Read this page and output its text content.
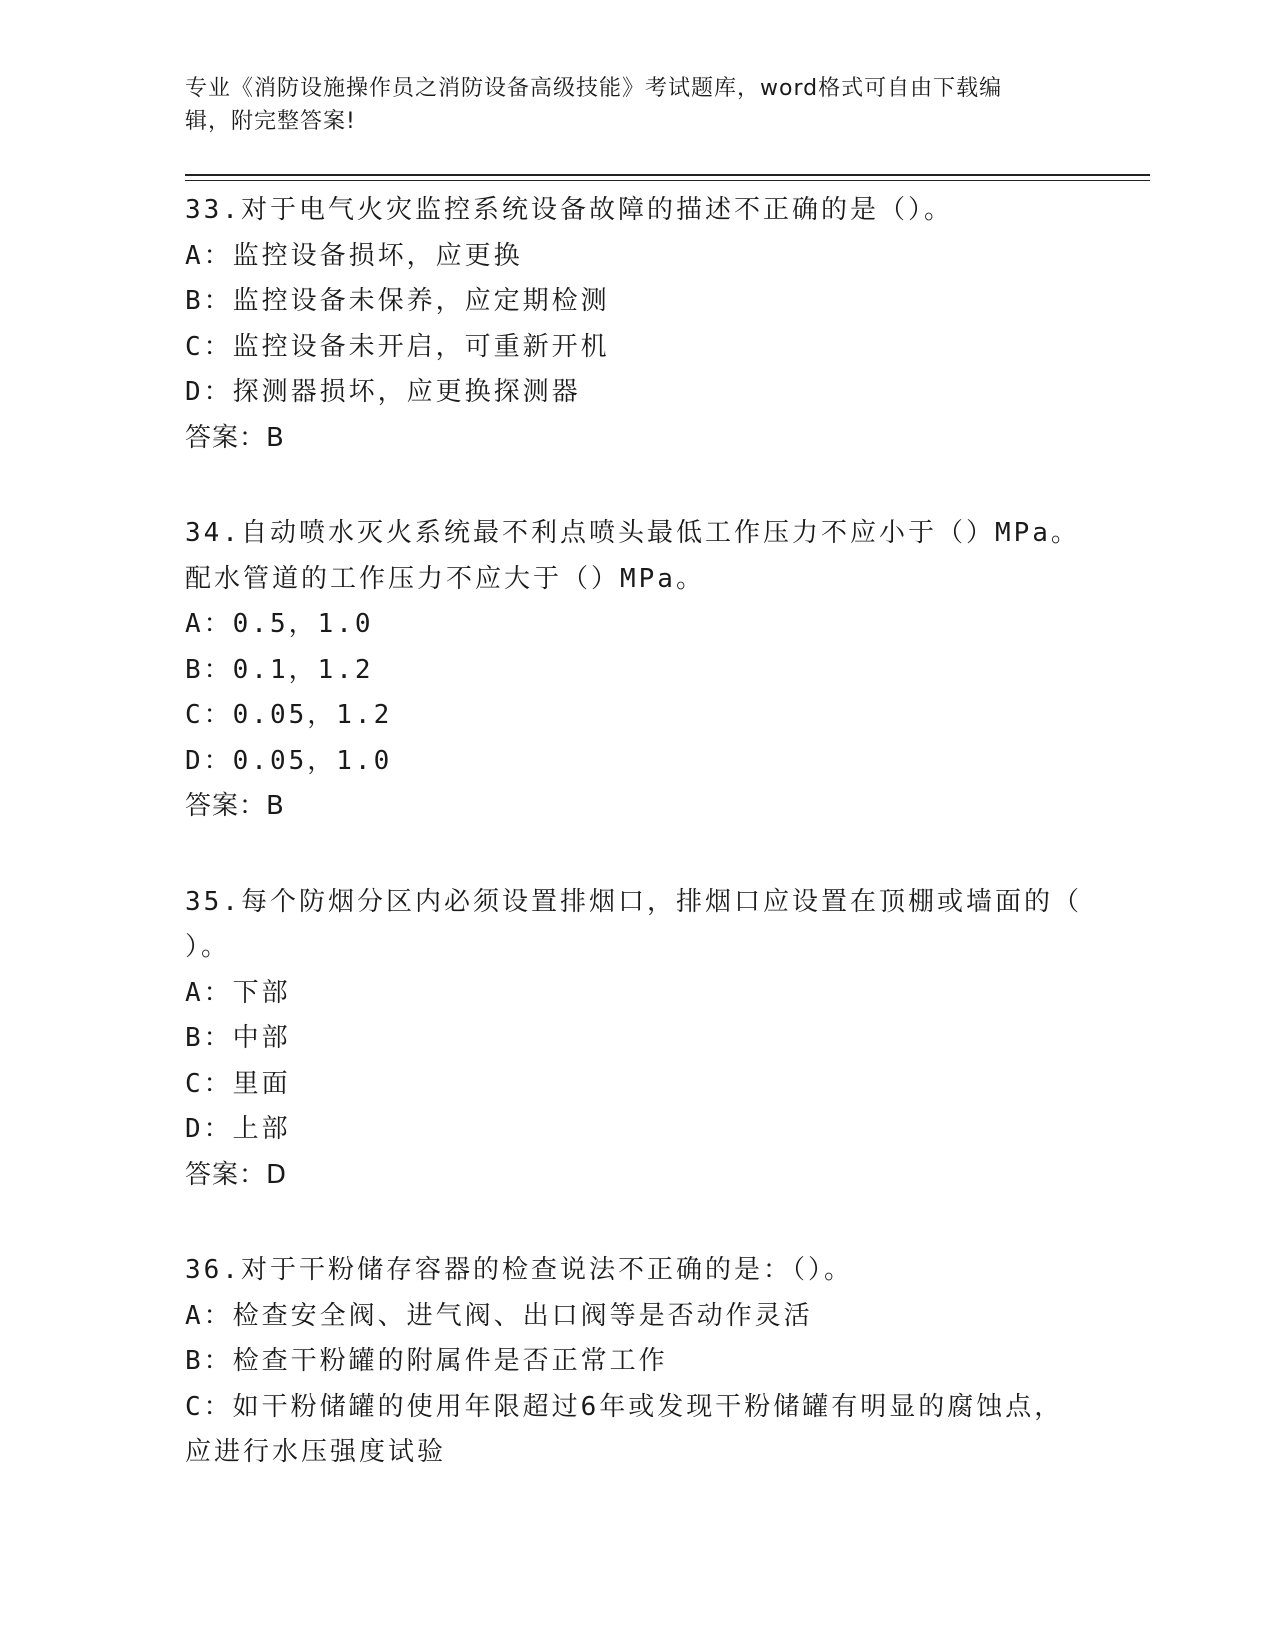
专业《消防设施操作员之消防设备高级技能》考试题库，word格式可自由下载编
辑，附完整答案!
33.对于电气火灾监控系统设备故障的描述不正确的是（）。
A：监控设备损坏，应更换
B：监控设备未保养，应定期检测
C：监控设备未开启，可重新开机
D：探测器损坏，应更换探测器
答案：B
34.自动喷水灭火系统最不利点喷头最低工作压力不应小于（）MPa。
配水管道的工作压力不应大于（）MPa。
A：0.5，1.0
B：0.1，1.2
C：0.05，1.2
D：0.05，1.0
答案：B
35.每个防烟分区内必须设置排烟口，排烟口应设置在顶棚或墙面的（
）。
A：下部
B：中部
C：里面
D：上部
答案：D
36.对于干粉储存容器的检查说法不正确的是：（）。
A：检查安全阀、进气阀、出口阀等是否动作灵活
B：检查干粉罐的附属件是否正常工作
C：如干粉储罐的使用年限超过6年或发现干粉储罐有明显的腐蚀点，
应进行水压强度试验
